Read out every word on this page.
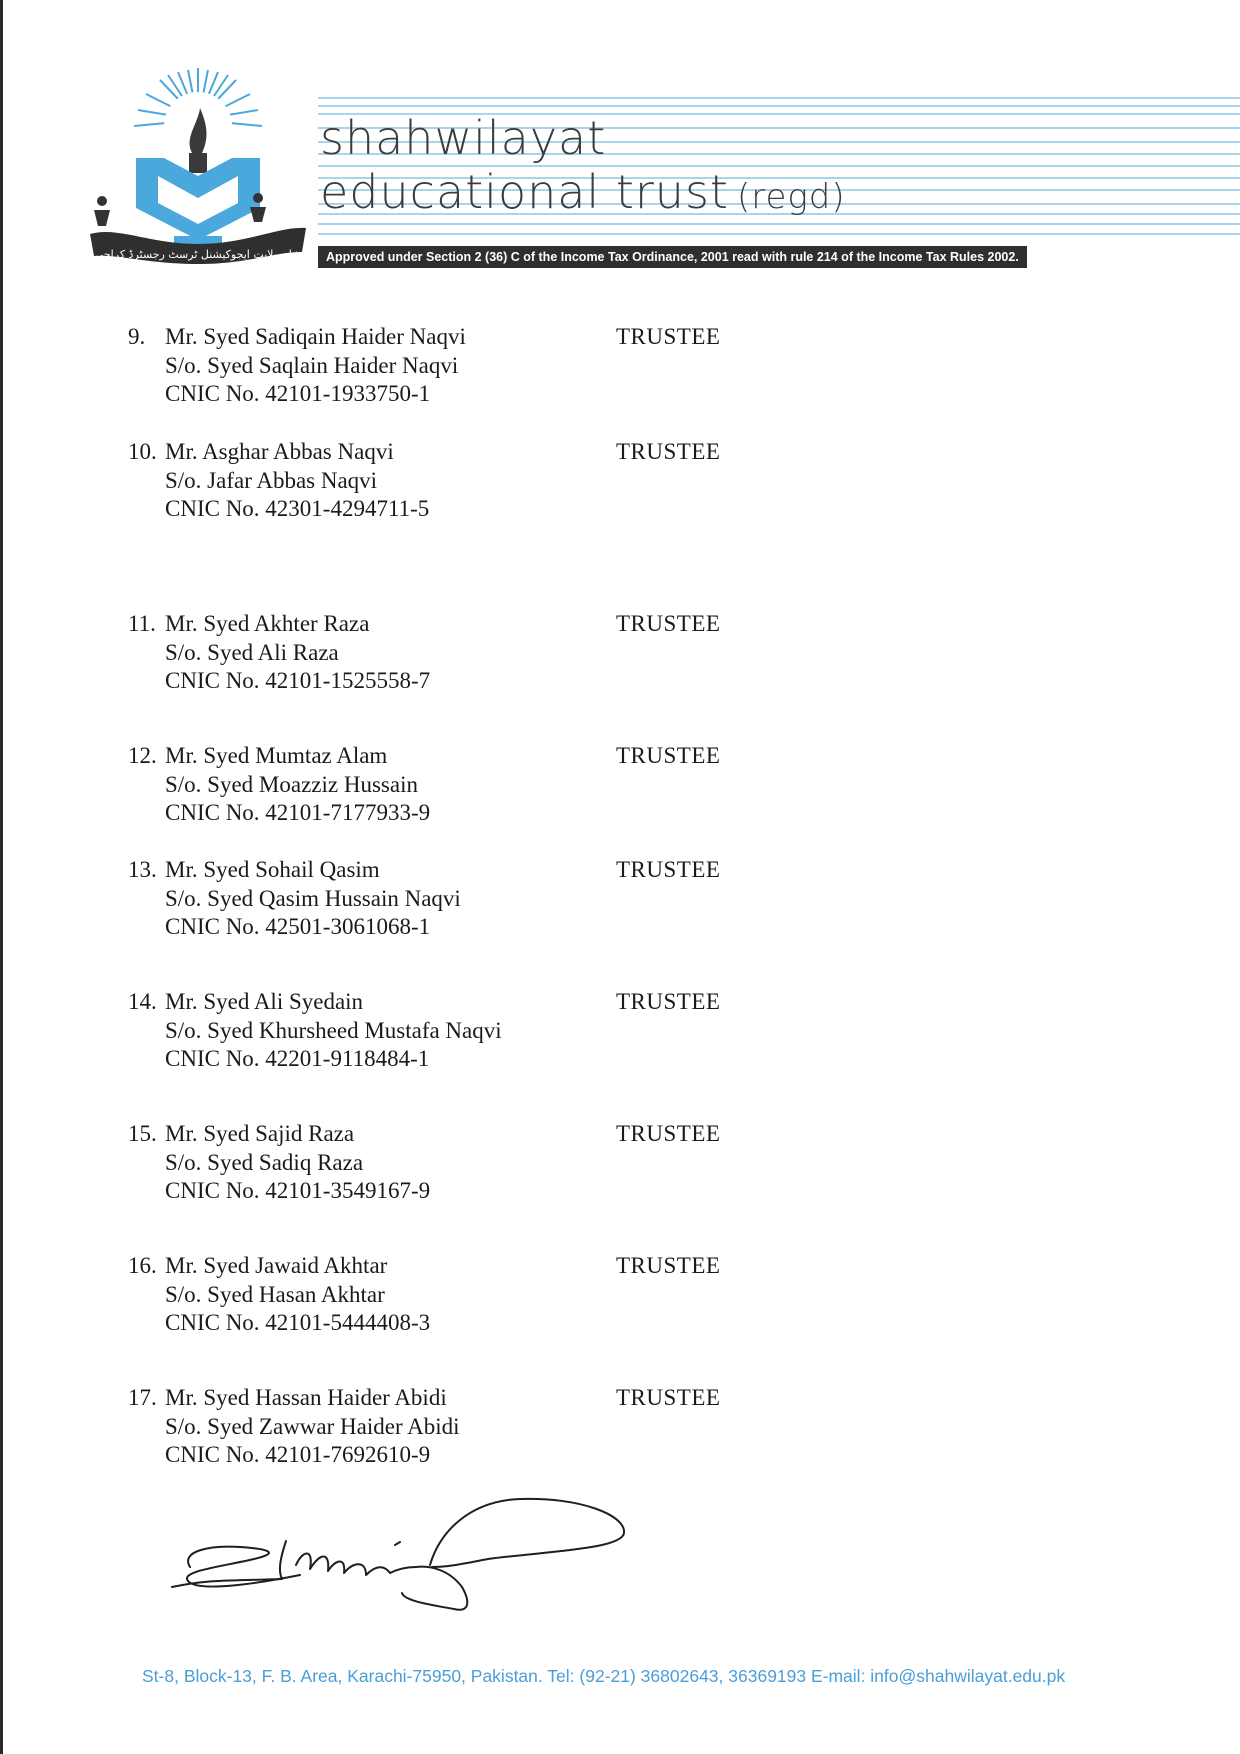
شاہ ولایت ایجوکیشنل ٹرسٹ رجسٹرڈ کراچی
shahwilayat
educational trust (regd)
Approved under Section 2 (36) C of the Income Tax Ordinance, 2001 read with rule 214 of the Income Tax Rules 2002.
9. Mr. Syed Sadiqain Haider Naqvi
S/o. Syed Saqlain Haider Naqvi
CNIC No. 42101-1933750-1
TRUSTEE
10. Mr. Asghar Abbas Naqvi
S/o. Jafar Abbas Naqvi
CNIC No. 42301-4294711-5
TRUSTEE
11. Mr. Syed Akhter Raza
S/o. Syed Ali Raza
CNIC No. 42101-1525558-7
TRUSTEE
12. Mr. Syed Mumtaz Alam
S/o. Syed Moazziz Hussain
CNIC No. 42101-7177933-9
TRUSTEE
13. Mr. Syed Sohail Qasim
S/o. Syed Qasim Hussain Naqvi
CNIC No. 42501-3061068-1
TRUSTEE
14. Mr. Syed Ali Syedain
S/o. Syed Khursheed Mustafa Naqvi
CNIC No. 42201-9118484-1
TRUSTEE
15. Mr. Syed Sajid Raza
S/o. Syed Sadiq Raza
CNIC No. 42101-3549167-9
TRUSTEE
16. Mr. Syed Jawaid Akhtar
S/o. Syed Hasan Akhtar
CNIC No. 42101-5444408-3
TRUSTEE
17. Mr. Syed Hassan Haider Abidi
S/o. Syed Zawwar Haider Abidi
CNIC No. 42101-7692610-9
TRUSTEE
St-8, Block-13, F. B. Area, Karachi-75950, Pakistan. Tel: (92-21) 36802643, 36369193 E-mail: info@shahwilayat.edu.pk
